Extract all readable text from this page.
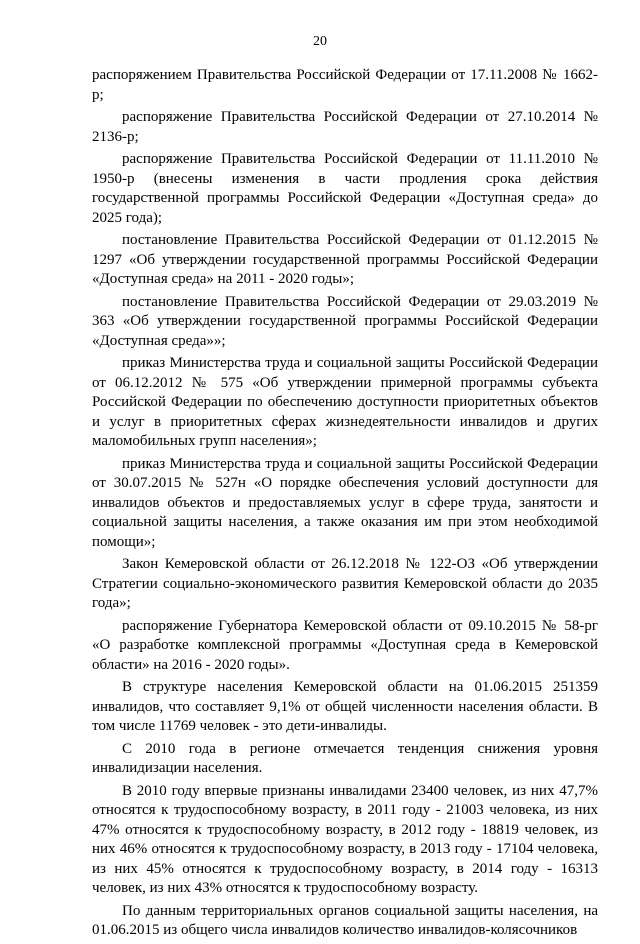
20

распоряжением Правительства Российской Федерации от 17.11.2008 № 1662-р;

распоряжение Правительства Российской Федерации от 27.10.2014 № 2136-р;

распоряжение Правительства Российской Федерации от 11.11.2010 № 1950-р (внесены изменения в части продления срока действия государственной программы Российской Федерации «Доступная среда» до 2025 года);

постановление Правительства Российской Федерации от 01.12.2015 № 1297 «Об утверждении государственной программы Российской Федерации «Доступная среда» на 2011 - 2020 годы»;

постановление Правительства Российской Федерации от 29.03.2019 № 363 «Об утверждении государственной программы Российской Федерации «Доступная среда»»;

приказ Министерства труда и социальной защиты Российской Федерации от 06.12.2012 № 575 «Об утверждении примерной программы субъекта Российской Федерации по обеспечению доступности приоритетных объектов и услуг в приоритетных сферах жизнедеятельности инвалидов и других маломобильных групп населения»;

приказ Министерства труда и социальной защиты Российской Федерации от 30.07.2015 № 527н «О порядке обеспечения условий доступности для инвалидов объектов и предоставляемых услуг в сфере труда, занятости и социальной защиты населения, а также оказания им при этом необходимой помощи»;

Закон Кемеровской области от 26.12.2018 № 122-ОЗ «Об утверждении Стратегии социально-экономического развития Кемеровской области до 2035 года»;

распоряжение Губернатора Кемеровской области от 09.10.2015 № 58-рг «О разработке комплексной программы «Доступная среда в Кемеровской области» на 2016 - 2020 годы».

В структуре населения Кемеровской области на 01.06.2015 251359 инвалидов, что составляет 9,1% от общей численности населения области. В том числе 11769 человек - это дети-инвалиды.

С 2010 года в регионе отмечается тенденция снижения уровня инвалидизации населения.

В 2010 году впервые признаны инвалидами 23400 человек, из них 47,7% относятся к трудоспособному возрасту, в 2011 году - 21003 человека, из них 47% относятся к трудоспособному возрасту, в 2012 году - 18819 человек, из них 46% относятся к трудоспособному возрасту, в 2013 году - 17104 человека, из них 45% относятся к трудоспособному возрасту, в 2014 году - 16313 человек, из них 43% относятся к трудоспособному возрасту.

По данным территориальных органов социальной защиты населения, на 01.06.2015 из общего числа инвалидов количество инвалидов-колясочников
